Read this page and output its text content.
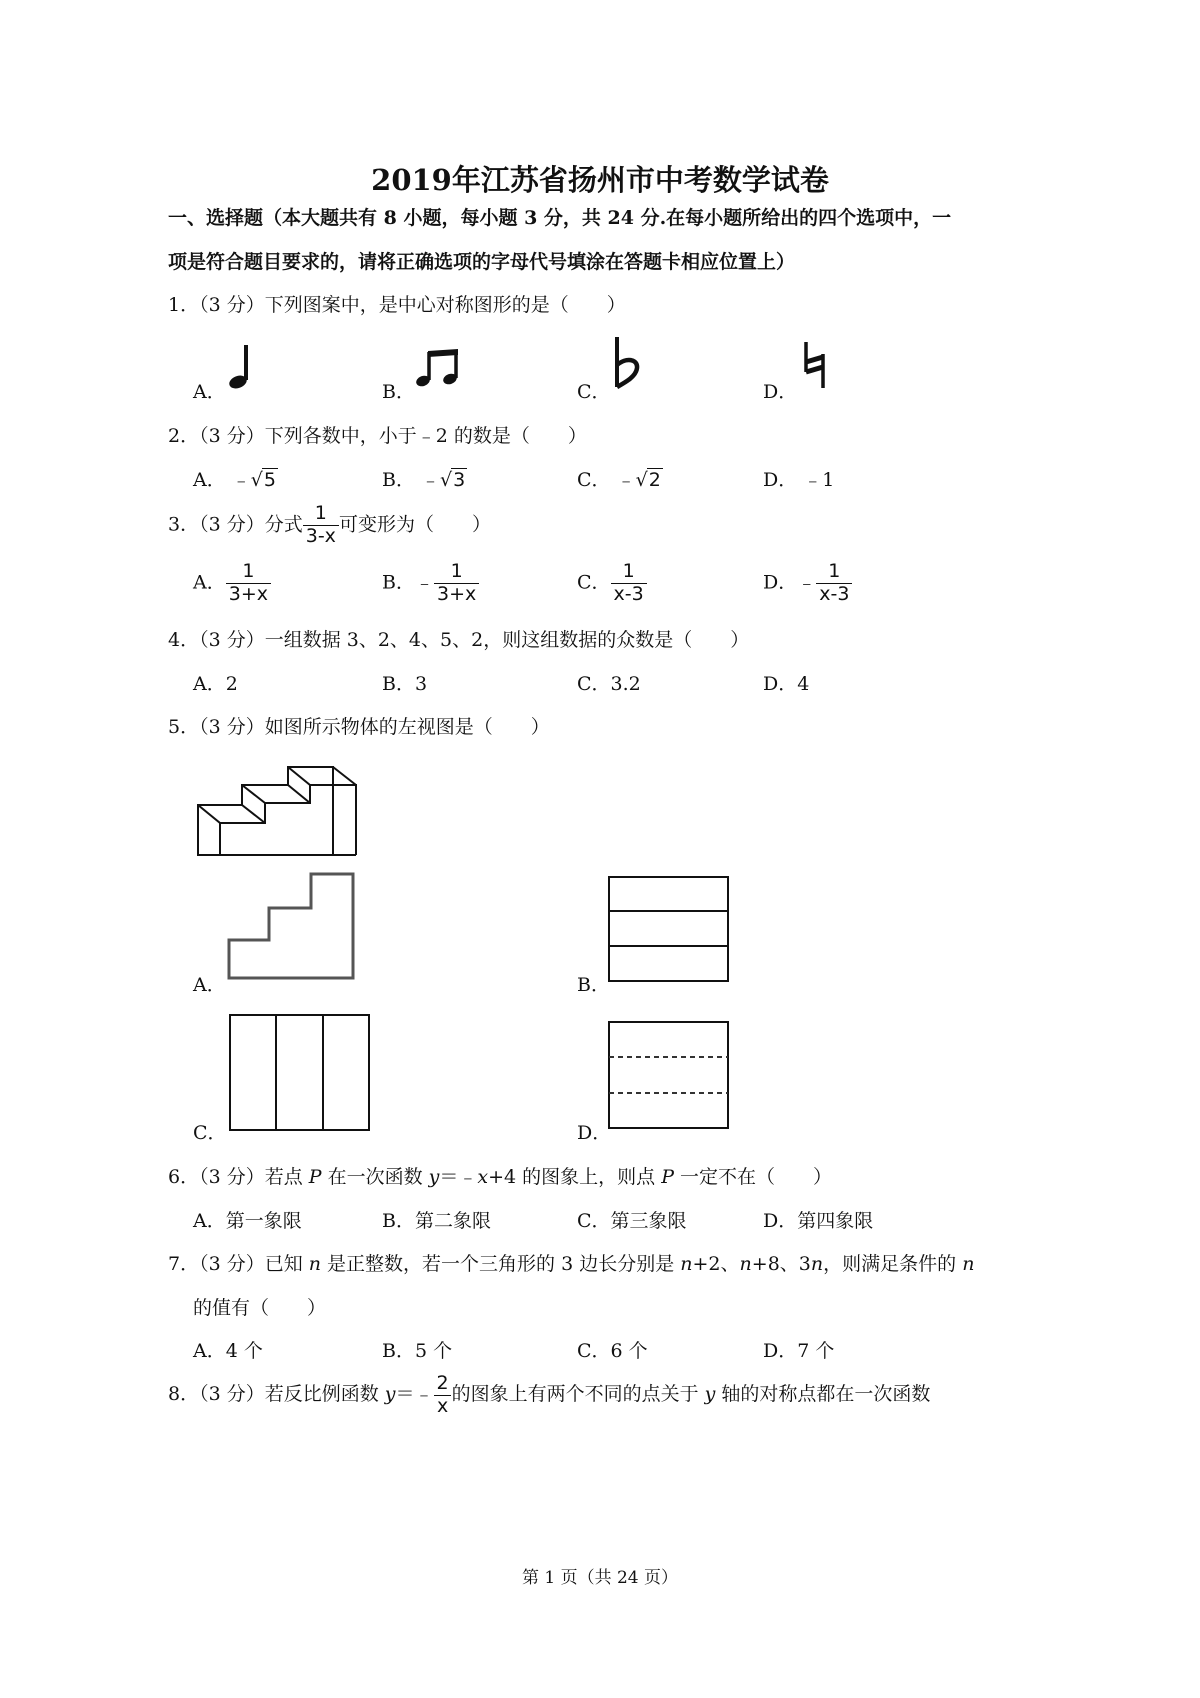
2019年江苏省扬州市中考数学试卷
一、选择题（本大题共有 8 小题，每小题 3 分，共 24 分.在每小题所给出的四个选项中，一
项是符合题目要求的，请将正确选项的字母代号填涂在答题卡相应位置上）
1．（3 分）下列图案中，是中心对称图形的是（　　）
A．	B．	C．	D．
2．（3 分）下列各数中，小于﹣2 的数是（　　）
A． ﹣√5	B． ﹣√3	C． ﹣√2	D． ﹣1
3．（3 分）分式 $\frac{1}{3-x}$ 可变形为（　　）
A． $\frac{1}{3+x}$	B．﹣ $\frac{1}{3+x}$	C． $\frac{1}{x-3}$	D．﹣ $\frac{1}{x-3}$
4．（3 分）一组数据 3、2、4、5、2，则这组数据的众数是（　　）
A．2	B．3	C．3.2	D．4
5．（3 分）如图所示物体的左视图是（　　）
A．	B．
C．	D．
6．（3 分）若点 P 在一次函数 y＝﹣x+4 的图象上，则点 P 一定不在（　　）
A．第一象限	B．第二象限	C．第三象限	D．第四象限
7．（3 分）已知 n 是正整数，若一个三角形的 3 边长分别是 n+2、n+8、3n，则满足条件的 n
的值有（　　）
A．4 个	B．5 个	C．6 个	D．7 个
8．（3 分）若反比例函数 y＝﹣ $\frac{2}{x}$ 的图象上有两个不同的点关于 y 轴的对称点都在一次函数
第 1 页（共 24 页）
